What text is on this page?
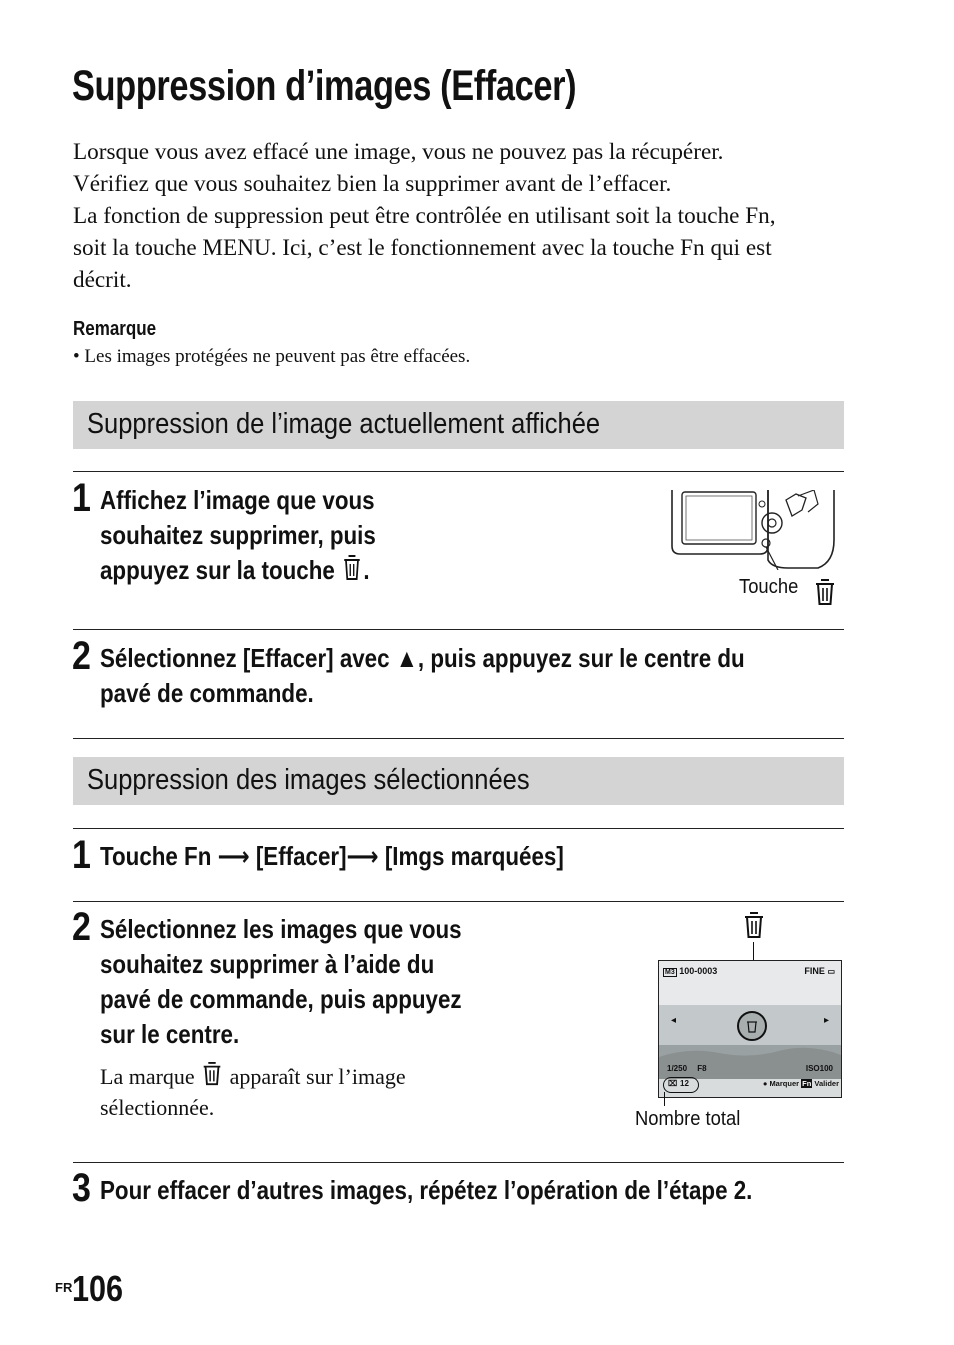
Suppression d’images (Effacer)

Lorsque vous avez effacé une image, vous ne pouvez pas la récupérer.

Vérifiez que vous souhaitez bien la supprimer avant de l’effacer.

La fonction de suppression peut être contrôlée en utilisant soit la touche Fn,

soit la touche MENU. Ici, c’est le fonctionnement avec la touche Fn qui est

décrit.

Remarque
• Les images protégées ne peuvent pas être effacées.
Suppression de l’image actuellement affichée
1 Affichez l’image que vous
souhaitez supprimer, puis
appuyez sur la touche .
Touche
2 Sélectionnez [Effacer] avec ▲, puis appuyez sur le centre du
pavé de commande.
Suppression des images sélectionnées
1 Touche Fn ⟶ [Effacer]⟶ [Imgs marquées]
2 Sélectionnez les images que vous
souhaitez supprimer à l’aide du
pavé de commande, puis appuyez
sur le centre.
La marque apparaît sur l’image
sélectionnée.
M3 100-0003	FINE ▭
◂	▸
1/250 F8	ISO100
⌧ 12	● Marquer Fn Valider
Nombre total
3 Pour effacer d’autres images, répétez l’opération de l’étape 2.
FR 106
